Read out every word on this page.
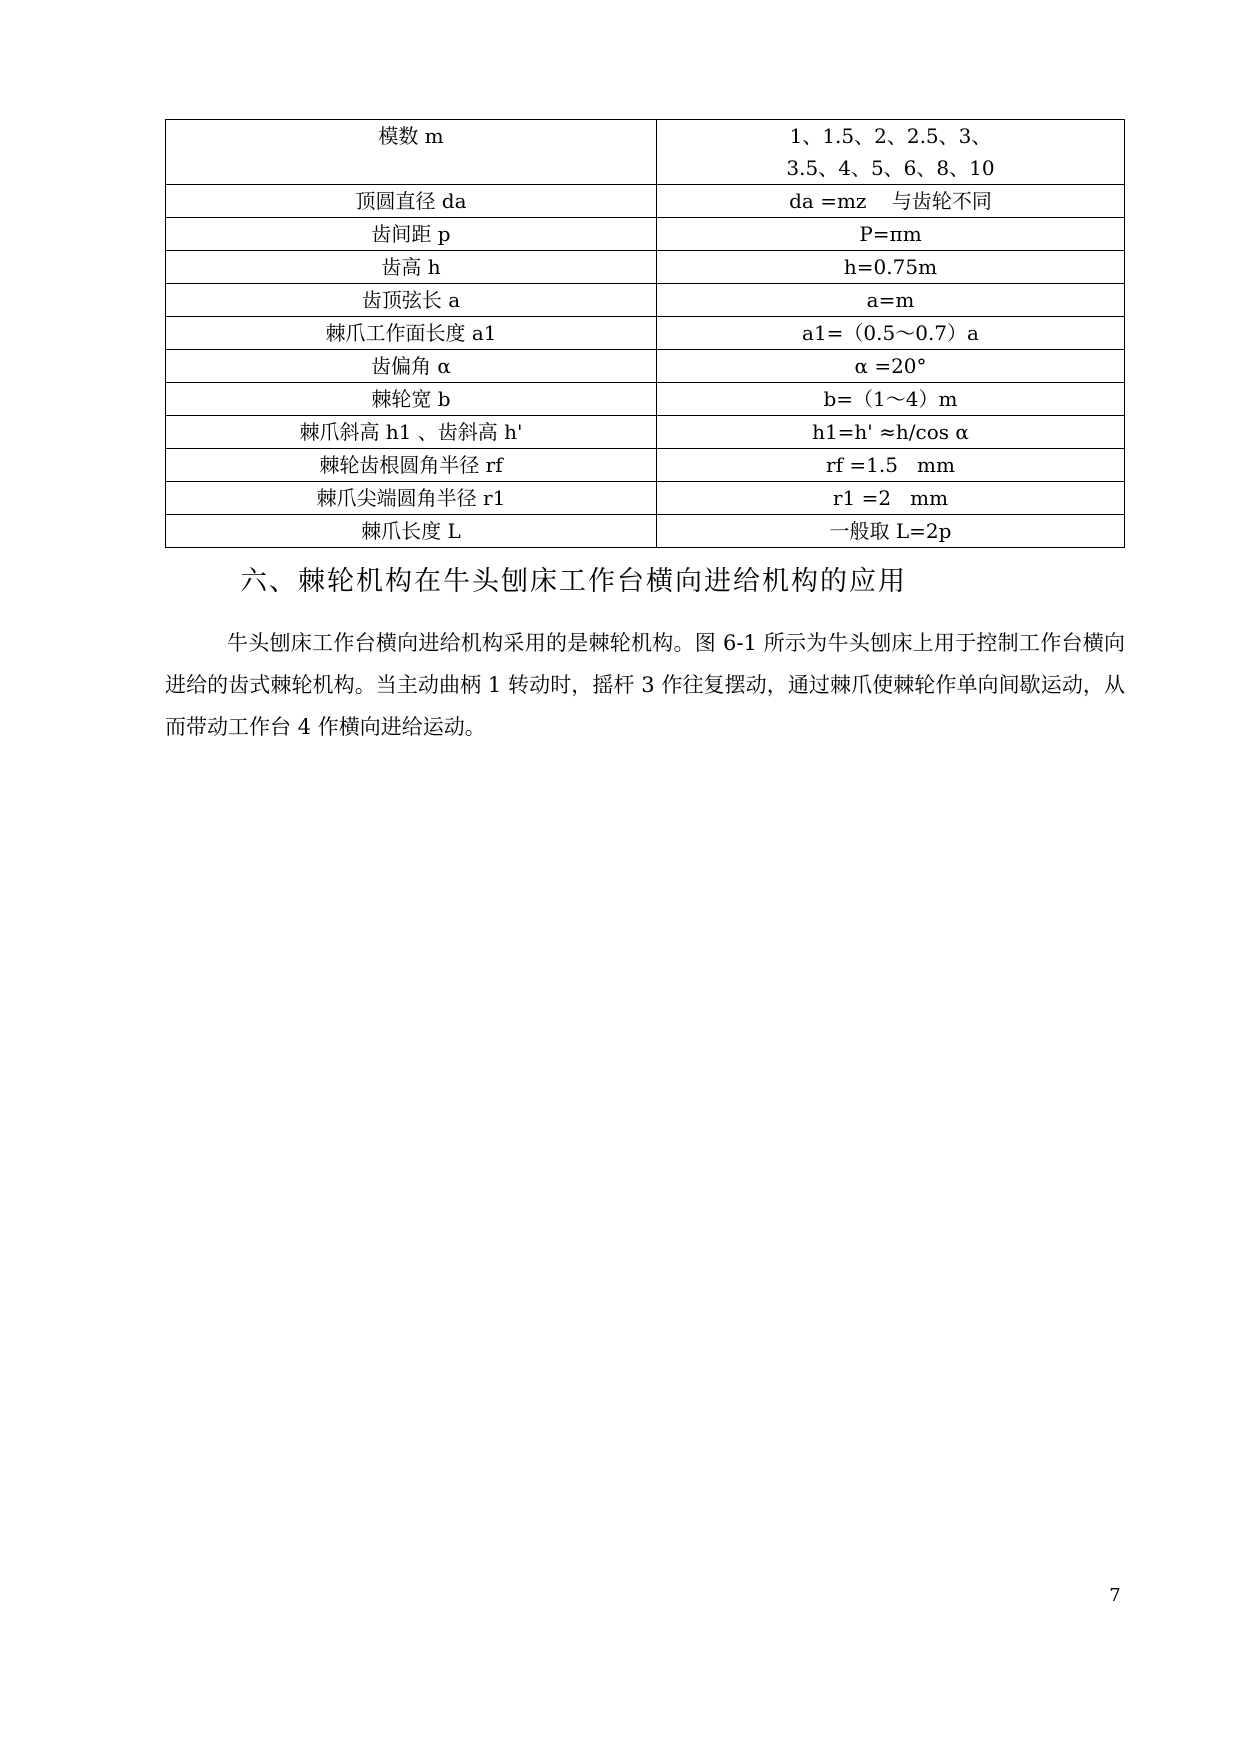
模数 m	1、1.5、2、2.5、3、
3.5、4、5、6、8、10
顶圆直径 da	da =mz    与齿轮不同
齿间距 p	P=πm
齿高 h	h=0.75m
齿顶弦长 a	a=m
棘爪工作面长度 a1	a1=（0.5～0.7）a
齿偏角 α	α =20°
棘轮宽 b	b=（1～4）m
棘爪斜高 h1 、齿斜高 h'	h1=h' ≈h/cos α
棘轮齿根圆角半径 rf	rf =1.5   mm
棘爪尖端圆角半径 r1	r1 =2   mm
棘爪长度 L	一般取 L=2p
六、棘轮机构在牛头刨床工作台横向进给机构的应用
牛头刨床工作台横向进给机构采用的是棘轮机构。图 6-1 所示为牛头刨床上用于控制工作台横向进给的齿式棘轮机构。当主动曲柄 1 转动时，摇杆 3 作往复摆动，通过棘爪使棘轮作单向间歇运动，从而带动工作台 4 作横向进给运动。
7
